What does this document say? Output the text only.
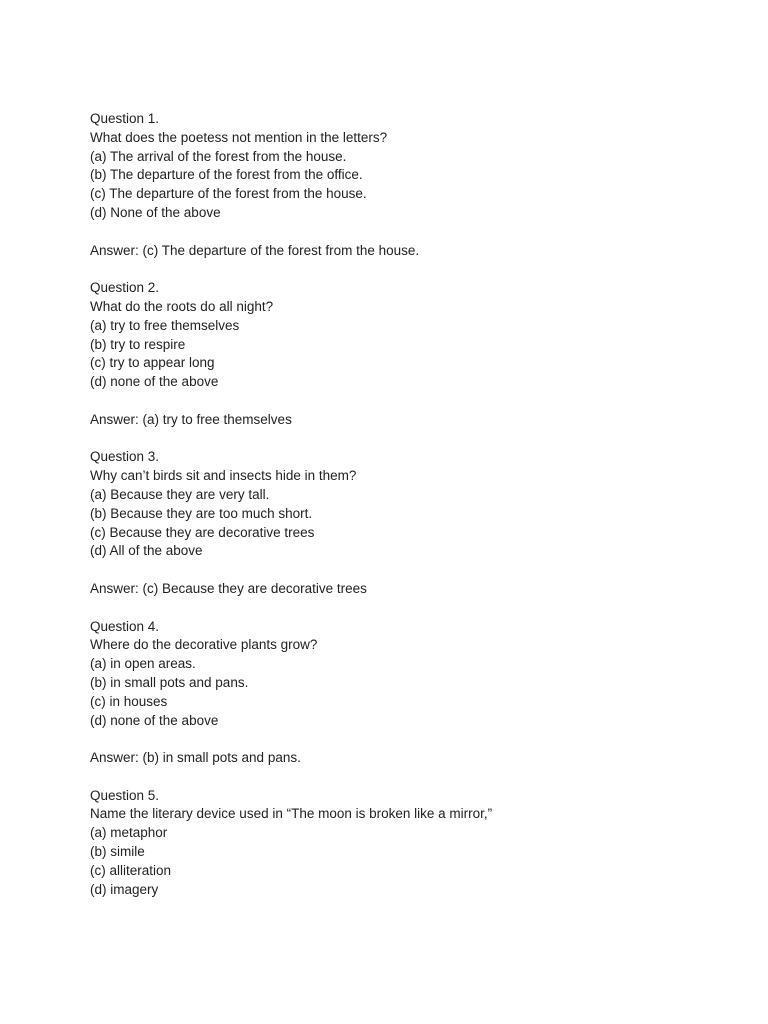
Question 1.
What does the poetess not mention in the letters?
(a) The arrival of the forest from the house.
(b) The departure of the forest from the office.
(c) The departure of the forest from the house.
(d) None of the above
Answer: (c) The departure of the forest from the house.
Question 2.
What do the roots do all night?
(a) try to free themselves
(b) try to respire
(c) try to appear long
(d) none of the above
Answer: (a) try to free themselves
Question 3.
Why can’t birds sit and insects hide in them?
(a) Because they are very tall.
(b) Because they are too much short.
(c) Because they are decorative trees
(d) All of the above
Answer: (c) Because they are decorative trees
Question 4.
Where do the decorative plants grow?
(a) in open areas.
(b) in small pots and pans.
(c) in houses
(d) none of the above
Answer: (b) in small pots and pans.
Question 5.
Name the literary device used in “The moon is broken like a mirror,”
(a) metaphor
(b) simile
(c) alliteration
(d) imagery
